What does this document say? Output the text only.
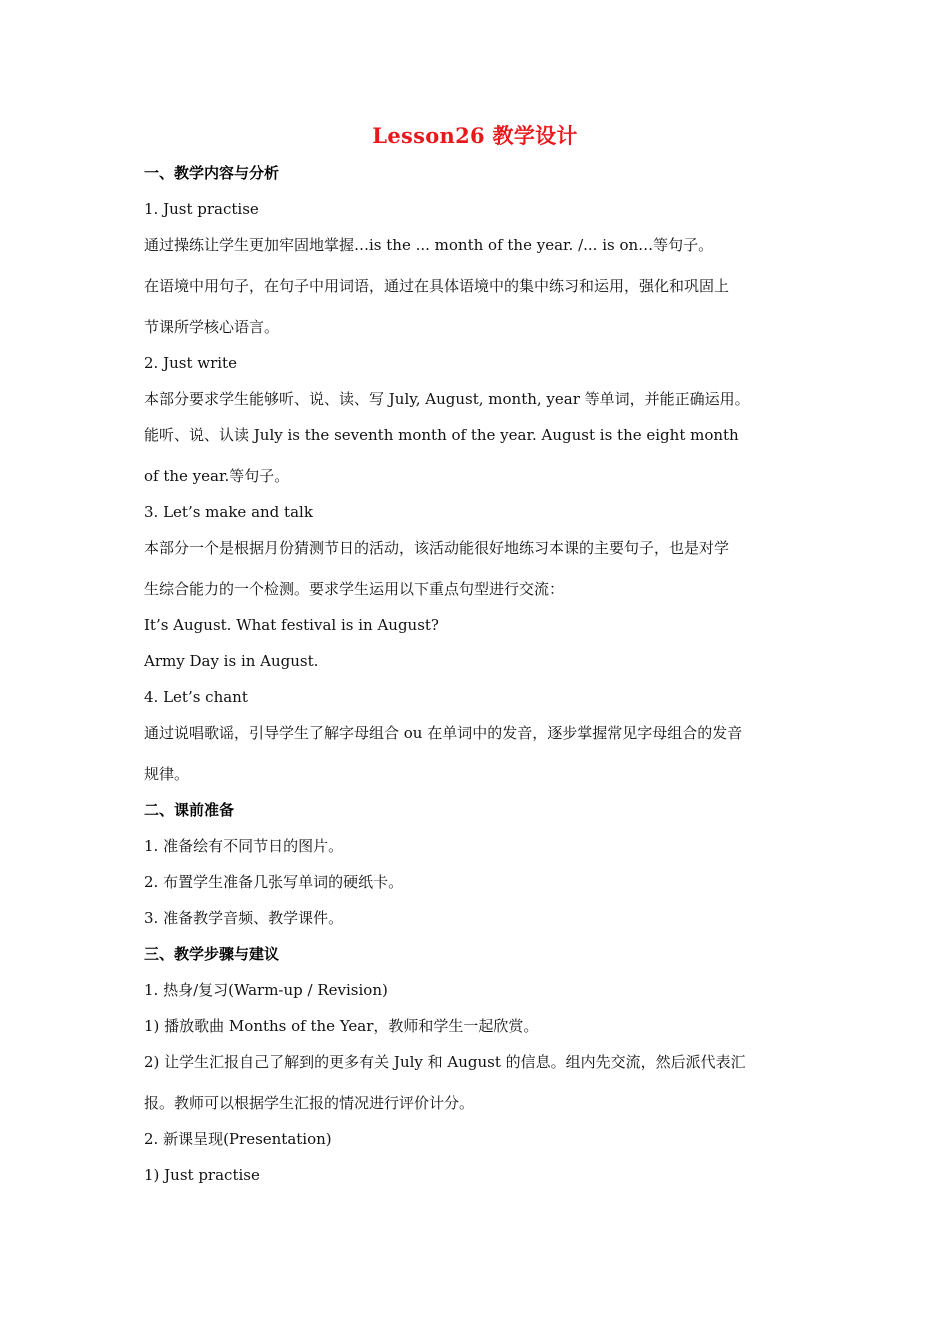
Lesson26 教学设计
一、教学内容与分析
1. Just practise
通过操练让学生更加牢固地掌握…is the ... month of the year. /... is on…等句子。
在语境中用句子，在句子中用词语，通过在具体语境中的集中练习和运用，强化和巩固上
节课所学核心语言。
2. Just write
本部分要求学生能够听、说、读、写 July, August, month, year 等单词，并能正确运用。
能听、说、认读 July is the seventh month of the year. August is the eight month
of the year.等句子。
3. Let’s make and talk
本部分一个是根据月份猜测节日的活动，该活动能很好地练习本课的主要句子，也是对学
生综合能力的一个检测。要求学生运用以下重点句型进行交流：
It’s August. What festival is in August?
Army Day is in August.
4. Let’s chant
通过说唱歌谣，引导学生了解字母组合 ou 在单词中的发音，逐步掌握常见字母组合的发音
规律。
二、课前准备
1. 准备绘有不同节日的图片。
2. 布置学生准备几张写单词的硬纸卡。
3. 准备教学音频、教学课件。
三、教学步骤与建议
1. 热身/复习(Warm-up / Revision)
1) 播放歌曲 Months of the Year，教师和学生一起欣赏。
2) 让学生汇报自己了解到的更多有关 July 和 August 的信息。组内先交流，然后派代表汇
报。教师可以根据学生汇报的情况进行评价计分。
2. 新课呈现(Presentation)
1) Just practise
